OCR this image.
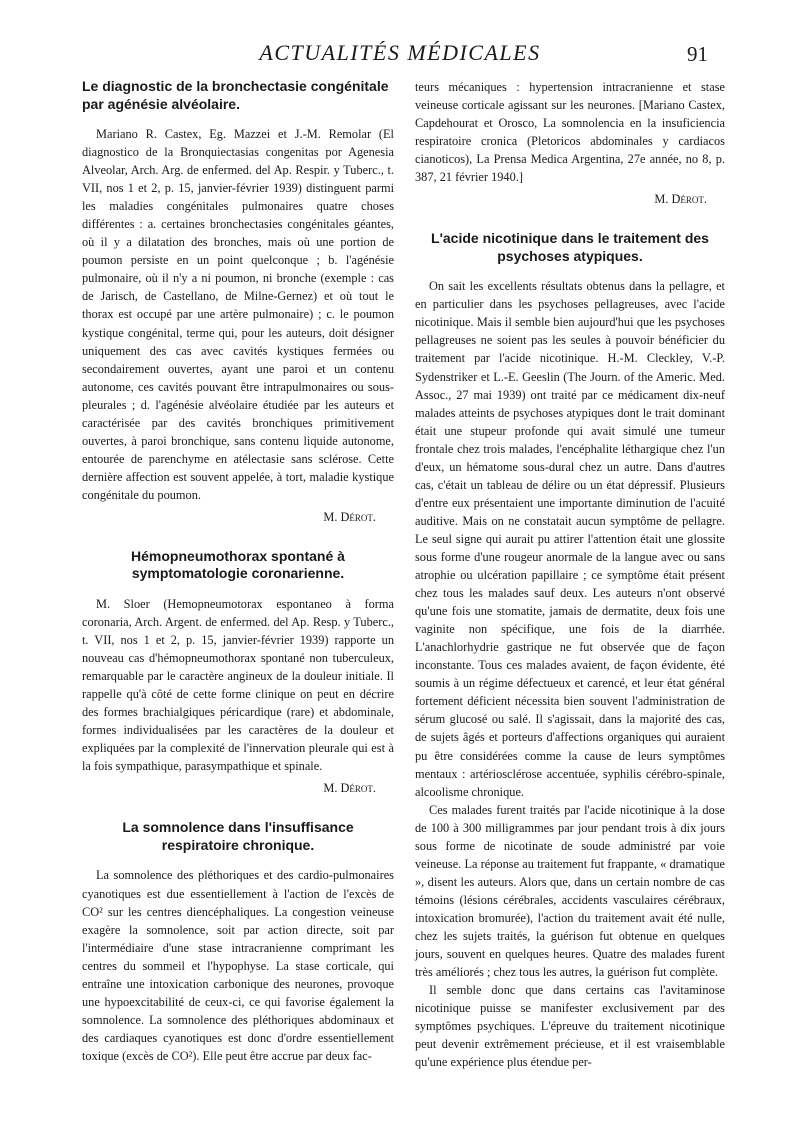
ACTUALITÉS MÉDICALES	91
Le diagnostic de la bronchectasie congénitale par agénésie alvéolaire.

Mariano R. Castex, Eg. Mazzei et J.-M. Remolar (El diagnostico de la Bronquiectasias congenitas por Agenesia Alveolar, Arch. Arg. de enfermed. del Ap. Respir. y Tuberc., t. VII, nos 1 et 2, p. 15, janvier-février 1939) distinguent parmi les maladies congénitales pulmonaires quatre choses différentes : a. certaines bronchectasies congénitales géantes, où il y a dilatation des bronches, mais où une portion de poumon persiste en un point quelconque ; b. l'agénésie pulmonaire, où il n'y a ni poumon, ni bronche (exemple : cas de Jarisch, de Castellano, de Milne-Gernez) et où tout le thorax est occupé par une artère pulmonaire) ; c. le poumon kystique congénital, terme qui, pour les auteurs, doit désigner uniquement des cas avec cavités kystiques fermées ou secondairement ouvertes, ayant une paroi et un contenu autonome, ces cavités pouvant être intrapulmonaires ou sous-pleurales ; d. l'agénésie alvéolaire étudiée par les auteurs et caractérisée par des cavités bronchiques primitivement ouvertes, à paroi bronchique, sans contenu liquide autonome, entourée de parenchyme en atélectasie sans sclérose. Cette dernière affection est souvent appelée, à tort, maladie kystique congénitale du poumon.

M. Dérot.
Hémopneumothorax spontané à symptomatologie coronarienne.

M. Sloer (Hemopneumotorax espontaneo à forma coronaria, Arch. Argent. de enfermed. del Ap. Resp. y Tuberc., t. VII, nos 1 et 2, p. 15, janvier-février 1939) rapporte un nouveau cas d'hémopneumothorax spontané non tuberculeux, remarquable par le caractère angineux de la douleur initiale. Il rappelle qu'à côté de cette forme clinique on peut en décrire des formes brachialgiques péricardique (rare) et abdominale, formes individualisées par les caractères de la douleur et expliquées par la complexité de l'innervation pleurale qui est à la fois sympathique, parasympathique et spinale.

M. Dérot.
La somnolence dans l'insuffisance respiratoire chronique.

La somnolence des pléthoriques et des cardio-pulmonaires cyanotiques est due essentiellement à l'action de l'excès de CO² sur les centres diencéphaliques. La congestion veineuse exagère la somnolence, soit par action directe, soit par l'intermédiaire d'une stase intracranienne comprimant les centres du sommeil et l'hypophyse. La stase corticale, qui entraîne une intoxication carbonique des neurones, provoque une hypoexcitabilité de ceux-ci, ce qui favorise également la somnolence. La somnolence des pléthoriques abdominaux et des cardiaques cyanotiques est donc d'ordre essentiellement toxique (excès de CO²). Elle peut être accrue par deux fac-

teurs mécaniques : hypertension intracranienne et stase veineuse corticale agissant sur les neurones. [Mariano Castex, Capdehourat et Orosco, La somnolencia en la insuficiencia respiratoire cronica (Pletoricos abdominales y cardiacos cianoticos), La Prensa Medica Argentina, 27e année, no 8, p. 387, 21 février 1940.]

M. Dérot.
L'acide nicotinique dans le traitement des psychoses atypiques.

On sait les excellents résultats obtenus dans la pellagre, et en particulier dans les psychoses pellagreuses, avec l'acide nicotinique. Mais il semble bien aujourd'hui que les psychoses pellagreuses ne soient pas les seules à pouvoir bénéficier du traitement par l'acide nicotinique. H.-M. Cleckley, V.-P. Sydenstriker et L.-E. Geeslin (The Journ. of the Americ. Med. Assoc., 27 mai 1939) ont traité par ce médicament dix-neuf malades atteints de psychoses atypiques dont le trait dominant était une stupeur profonde qui avait simulé une tumeur frontale chez trois malades, l'encéphalite léthargique chez l'un d'eux, un hématome sous-dural chez un autre. Dans d'autres cas, c'était un tableau de délire ou un état dépressif. Plusieurs d'entre eux présentaient une importante diminution de l'acuité auditive. Mais on ne constatait aucun symptôme de pellagre. Le seul signe qui aurait pu attirer l'attention était une glossite sous forme d'une rougeur anormale de la langue avec ou sans atrophie ou ulcération papillaire ; ce symptôme était présent chez tous les malades sauf deux. Les auteurs n'ont observé qu'une fois une stomatite, jamais de dermatite, deux fois une vaginite non spécifique, une fois de la diarrhée. L'anachlorhydrie gastrique ne fut observée que de façon inconstante. Tous ces malades avaient, de façon évidente, été soumis à un régime défectueux et carencé, et leur état général fortement déficient nécessita bien souvent l'administration de sérum glucosé ou salé. Il s'agissait, dans la majorité des cas, de sujets âgés et porteurs d'affections organiques qui auraient pu être considérées comme la cause de leurs symptômes mentaux : artériosclérose accentuée, syphilis cérébro-spinale, alcoolisme chronique.

Ces malades furent traités par l'acide nicotinique à la dose de 100 à 300 milligrammes par jour pendant trois à dix jours sous forme de nicotinate de soude administré par voie veineuse. La réponse au traitement fut frappante, « dramatique », disent les auteurs. Alors que, dans un certain nombre de cas témoins (lésions cérébrales, accidents vasculaires cérébraux, intoxication bromurée), l'action du traitement avait été nulle, chez les sujets traités, la guérison fut obtenue en quelques jours, souvent en quelques heures. Quatre des malades furent très améliorés ; chez tous les autres, la guérison fut complète.

Il semble donc que dans certains cas l'avitaminose nicotinique puisse se manifester exclusivement par des symptômes psychiques. L'épreuve du traitement nicotinique peut devenir extrêmement précieuse, et il est vraisemblable qu'une expérience plus étendue per-
